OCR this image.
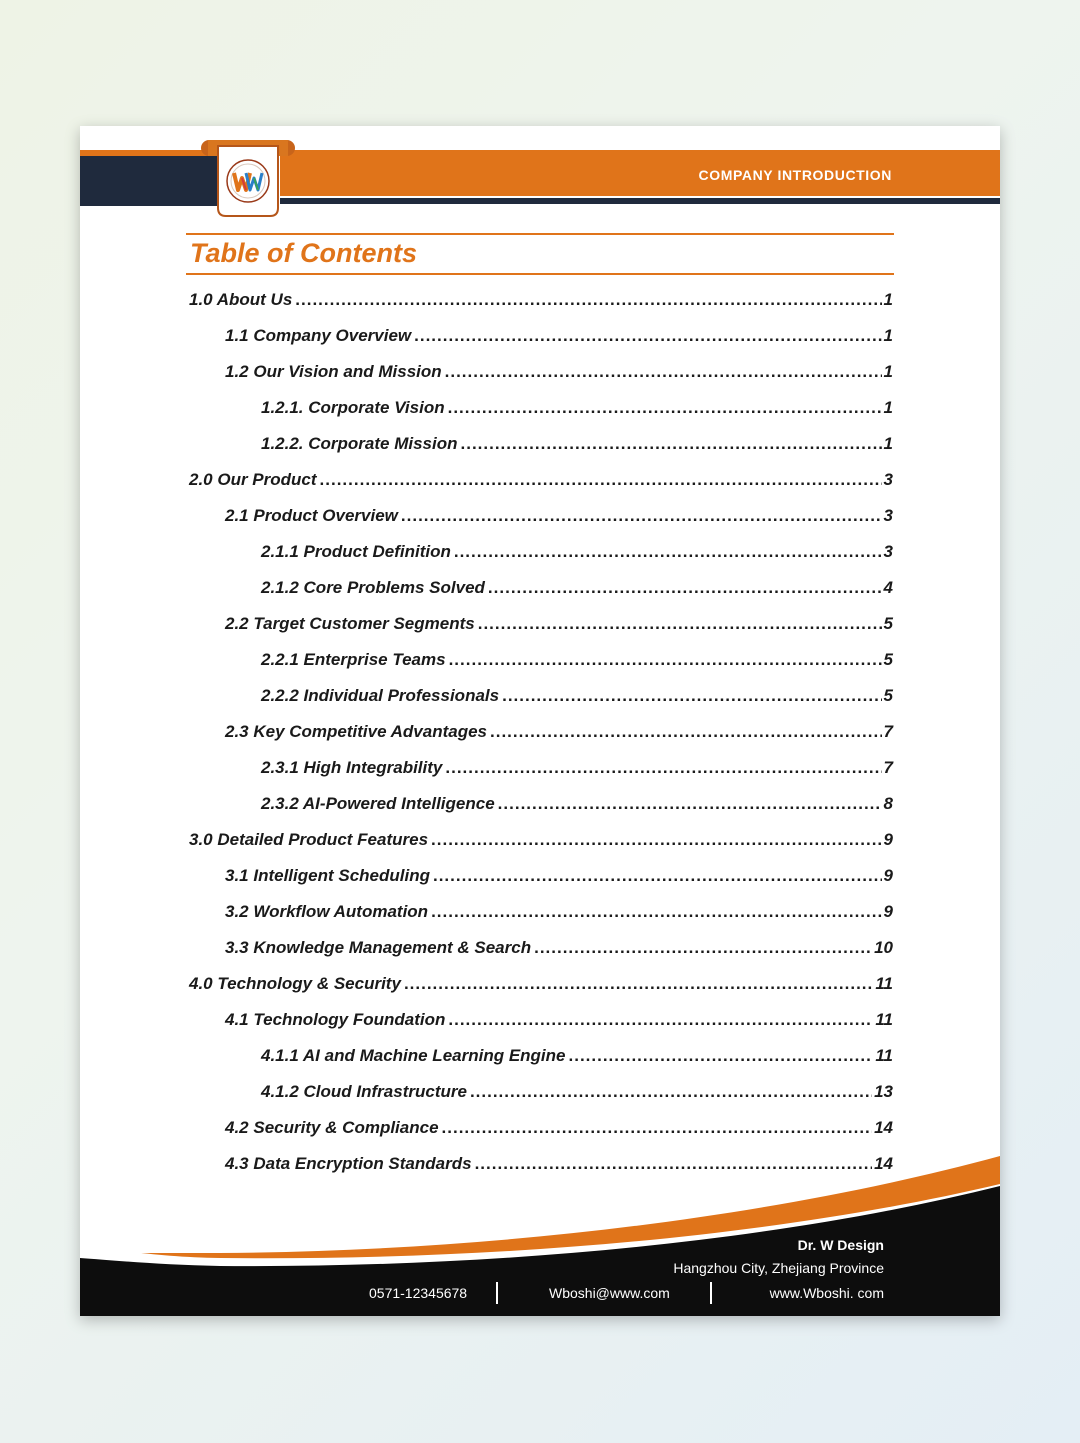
COMPANY INTRODUCTION
Table of Contents
1.0 About Us .....	1
1.1 Company Overview .....	1
1.2 Our Vision and Mission .....	1
1.2.1. Corporate Vision .....	1
1.2.2. Corporate Mission .....	1
2.0 Our Product .....	3
2.1 Product Overview .....	3
2.1.1 Product Definition .....	3
2.1.2 Core Problems Solved .....	4
2.2 Target Customer Segments .....	5
2.2.1 Enterprise Teams .....	5
2.2.2 Individual Professionals .....	5
2.3 Key Competitive Advantages .....	7
2.3.1 High Integrability .....	7
2.3.2 AI-Powered Intelligence .....	8
3.0 Detailed Product Features .....	9
3.1 Intelligent Scheduling .....	9
3.2 Workflow Automation .....	9
3.3 Knowledge Management & Search .....	10
4.0 Technology & Security .....	11
4.1 Technology Foundation .....	11
4.1.1 AI and Machine Learning Engine .....	11
4.1.2 Cloud Infrastructure .....	13
4.2 Security & Compliance .....	14
4.3 Data Encryption Standards .....	14
Dr. W Design
Hangzhou City, Zhejiang Province
0571-12345678	Wboshi@www.com	www.Wboshi. com
